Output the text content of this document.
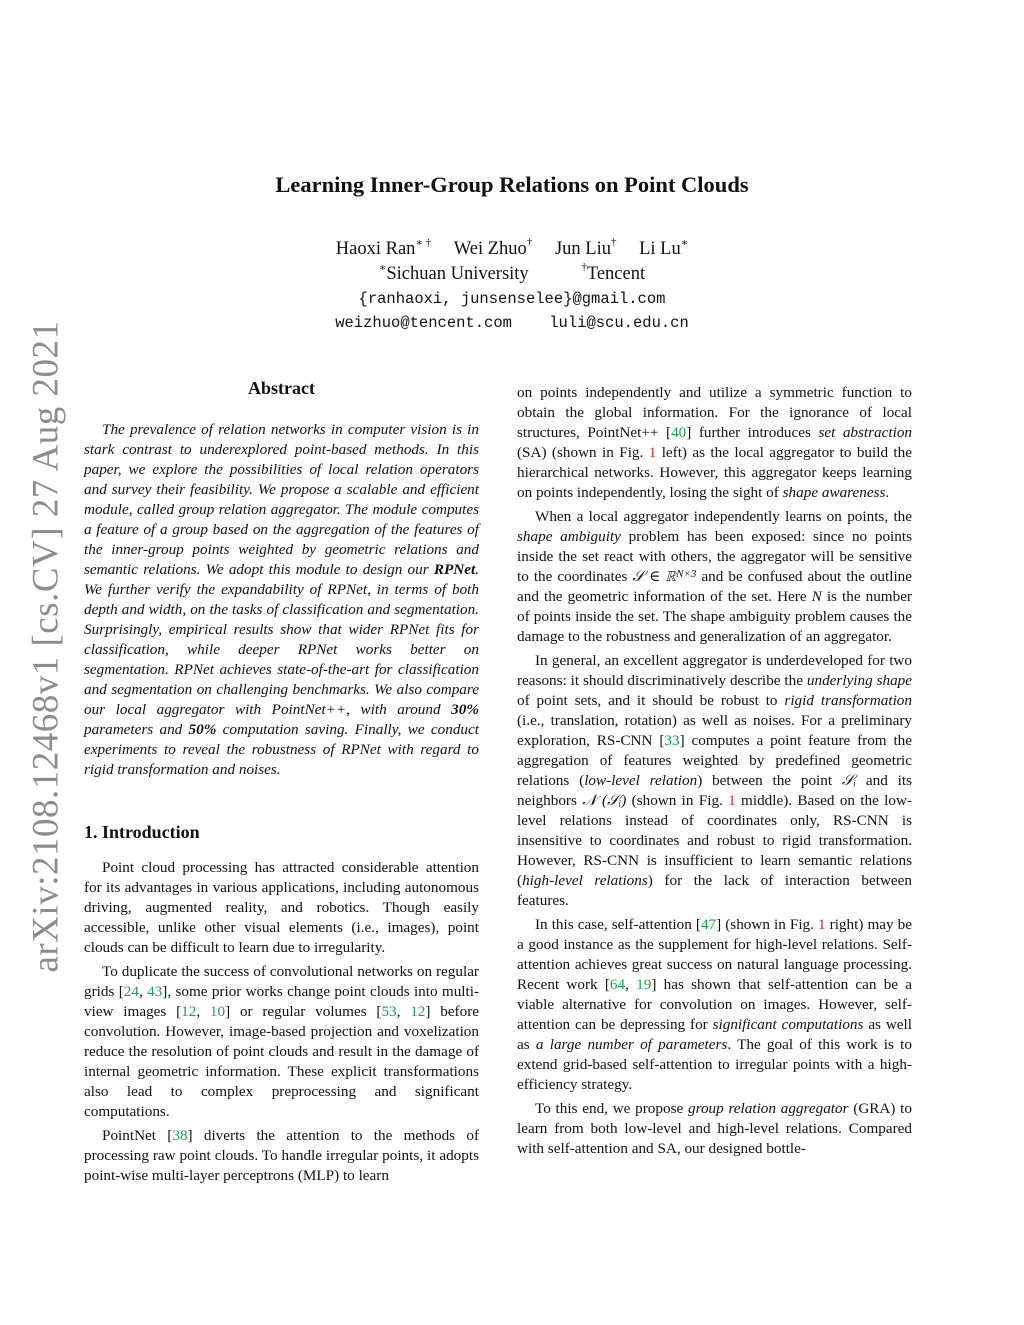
arXiv:2108.12468v1 [cs.CV] 27 Aug 2021
Learning Inner-Group Relations on Point Clouds
Haoxi Ran∗ † Wei Zhuo† Jun Liu† Li Lu∗
∗Sichuan University	†Tencent
{ranhaoxi, junsenselee}@gmail.com
weizhuo@tencent.com luli@scu.edu.cn
Abstract

The prevalence of relation networks in computer vision is in stark contrast to underexplored point-based methods. In this paper, we explore the possibilities of local relation operators and survey their feasibility. We propose a scalable and efficient module, called group relation aggregator. The module computes a feature of a group based on the aggregation of the features of the inner-group points weighted by geometric relations and semantic relations. We adopt this module to design our RPNet. We further verify the expandability of RPNet, in terms of both depth and width, on the tasks of classification and segmentation. Surprisingly, empirical results show that wider RPNet fits for classification, while deeper RPNet works better on segmentation. RPNet achieves state-of-the-art for classification and segmentation on challenging benchmarks. We also compare our local aggregator with PointNet++, with around 30% parameters and 50% computation saving. Finally, we conduct experiments to reveal the robustness of RPNet with regard to rigid transformation and noises.

1. Introduction

Point cloud processing has attracted considerable attention for its advantages in various applications, including autonomous driving, augmented reality, and robotics. Though easily accessible, unlike other visual elements (i.e., images), point clouds can be difficult to learn due to irregularity.

To duplicate the success of convolutional networks on regular grids [24, 43], some prior works change point clouds into multi-view images [12, 10] or regular volumes [53, 12] before convolution. However, image-based projection and voxelization reduce the resolution of point clouds and result in the damage of internal geometric information. These explicit transformations also lead to complex preprocessing and significant computations.

PointNet [38] diverts the attention to the methods of processing raw point clouds. To handle irregular points, it adopts point-wise multi-layer perceptrons (MLP) to learn

on points independently and utilize a symmetric function to obtain the global information. For the ignorance of local structures, PointNet++ [40] further introduces set abstraction (SA) (shown in Fig. 1 left) as the local aggregator to build the hierarchical networks. However, this aggregator keeps learning on points independently, losing the sight of shape awareness.

When a local aggregator independently learns on points, the shape ambiguity problem has been exposed: since no points inside the set react with others, the aggregator will be sensitive to the coordinates 𝒮 ∈ ℝ$^{N\times 3}$ and be confused about the outline and the geometric information of the set. Here N is the number of points inside the set. The shape ambiguity problem causes the damage to the robustness and generalization of an aggregator.

In general, an excellent aggregator is underdeveloped for two reasons: it should discriminatively describe the underlying shape of point sets, and it should be robust to rigid transformation (i.e., translation, rotation) as well as noises. For a preliminary exploration, RS-CNN [33] computes a point feature from the aggregation of features weighted by predefined geometric relations (low-level relation) between the point 𝒮ᵢ and its neighbors 𝒩 (𝒮ᵢ) (shown in Fig. 1 middle). Based on the low-level relations instead of coordinates only, RS-CNN is insensitive to coordinates and robust to rigid transformation. However, RS-CNN is insufficient to learn semantic relations (high-level relations) for the lack of interaction between features.

In this case, self-attention [47] (shown in Fig. 1 right) may be a good instance as the supplement for high-level relations. Self-attention achieves great success on natural language processing. Recent work [64, 19] has shown that self-attention can be a viable alternative for convolution on images. However, self-attention can be depressing for significant computations as well as a large number of parameters. The goal of this work is to extend grid-based self-attention to irregular points with a high-efficiency strategy.

To this end, we propose group relation aggregator (GRA) to learn from both low-level and high-level relations. Compared with self-attention and SA, our designed bottle-
